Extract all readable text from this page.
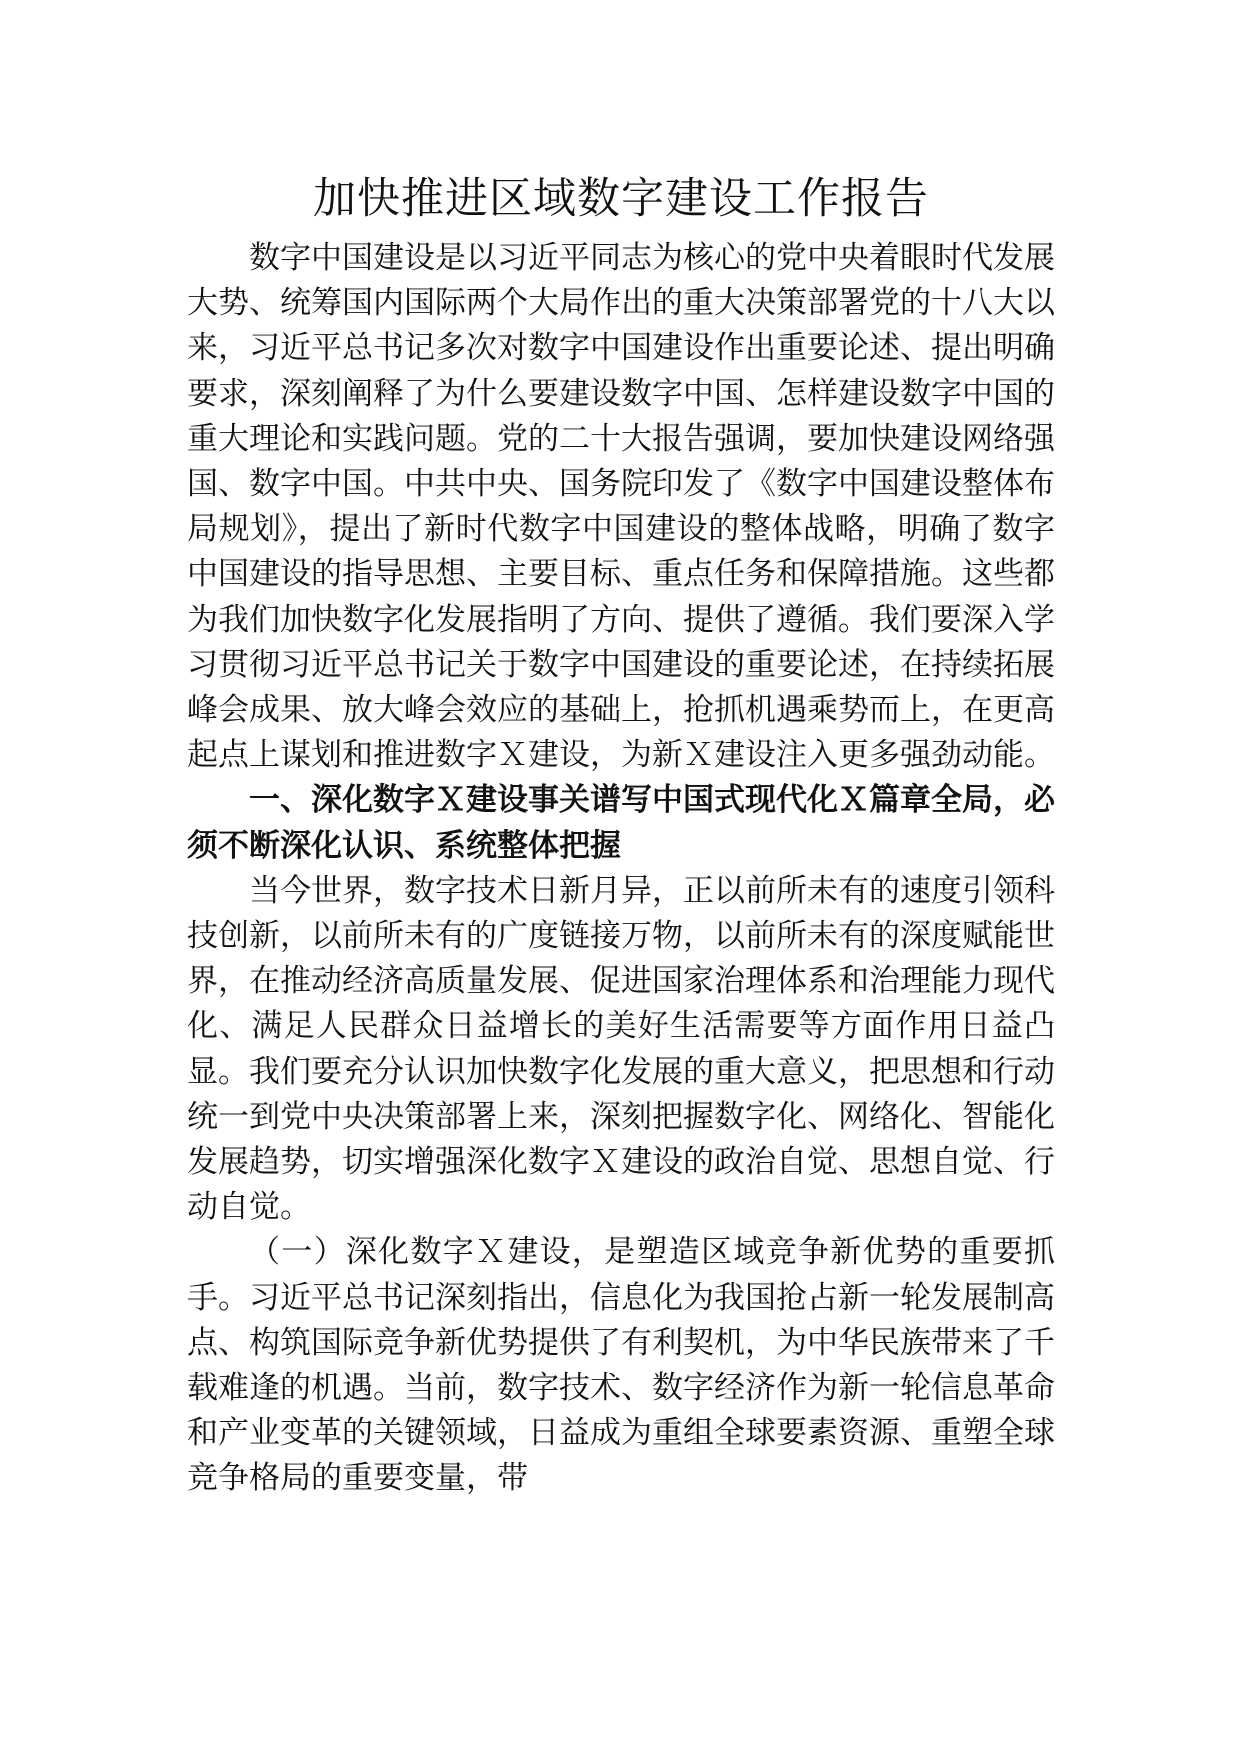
加快推进区域数字建设工作报告

数字中国建设是以习近平同志为核心的党中央着眼时代发展大势、统筹国内国际两个大局作出的重大决策部署党的十八大以来，习近平总书记多次对数字中国建设作出重要论述、提出明确要求，深刻阐释了为什么要建设数字中国、怎样建设数字中国的重大理论和实践问题。党的二十大报告强调，要加快建设网络强国、数字中国。中共中央、国务院印发了《数字中国建设整体布局规划》，提出了新时代数字中国建设的整体战略，明确了数字中国建设的指导思想、主要目标、重点任务和保障措施。这些都为我们加快数字化发展指明了方向、提供了遵循。我们要深入学习贯彻习近平总书记关于数字中国建设的重要论述，在持续拓展峰会成果、放大峰会效应的基础上，抢抓机遇乘势而上，在更高起点上谋划和推进数字Ｘ建设，为新Ｘ建设注入更多强劲动能。

一、深化数字Ｘ建设事关谱写中国式现代化Ｘ篇章全局，必须不断深化认识、系统整体把握

当今世界，数字技术日新月异，正以前所未有的速度引领科技创新，以前所未有的广度链接万物，以前所未有的深度赋能世界，在推动经济高质量发展、促进国家治理体系和治理能力现代化、满足人民群众日益增长的美好生活需要等方面作用日益凸显。我们要充分认识加快数字化发展的重大意义，把思想和行动统一到党中央决策部署上来，深刻把握数字化、网络化、智能化发展趋势，切实增强深化数字Ｘ建设的政治自觉、思想自觉、行动自觉。

（一）深化数字Ｘ建设，是塑造区域竞争新优势的重要抓手。习近平总书记深刻指出，信息化为我国抢占新一轮发展制高点、构筑国际竞争新优势提供了有利契机，为中华民族带来了千载难逢的机遇。当前，数字技术、数字经济作为新一轮信息革命和产业变革的关键领域，日益成为重组全球要素资源、重塑全球竞争格局的重要变量，带
